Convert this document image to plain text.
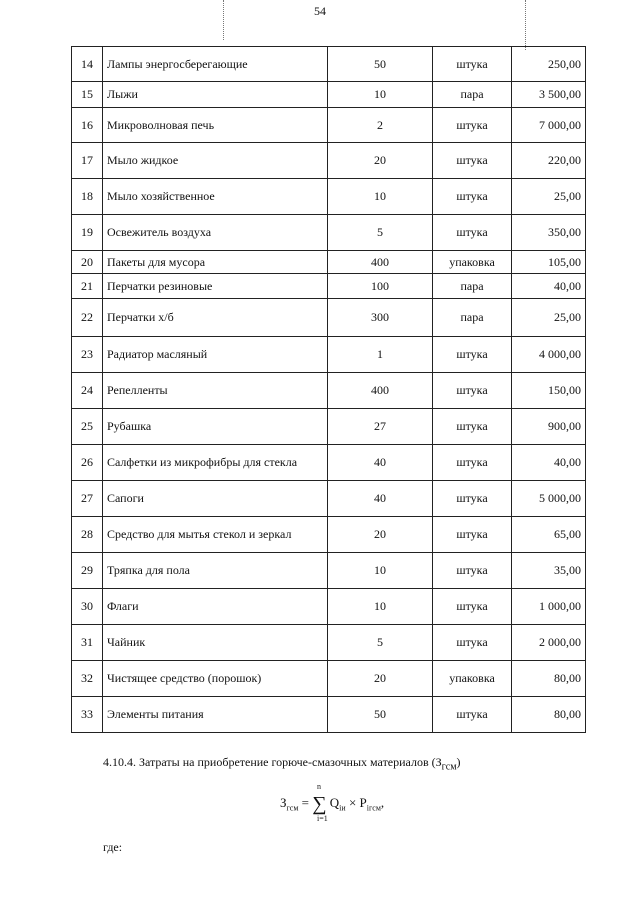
54
14	Лампы энергосберегающие	50	штука	250,00
15	Лыжи	10	пара	3 500,00
16	Микроволновая печь	2	штука	7 000,00
17	Мыло жидкое	20	штука	220,00
18	Мыло хозяйственное	10	штука	25,00
19	Освежитель воздуха	5	штука	350,00
20	Пакеты для мусора	400	упаковка	105,00
21	Перчатки резиновые	100	пара	40,00
22	Перчатки х/б	300	пара	25,00
23	Радиатор масляный	1	штука	4 000,00
24	Репелленты	400	штука	150,00
25	Рубашка	27	штука	900,00
26	Салфетки из микрофибры для стекла	40	штука	40,00
27	Сапоги	40	штука	5 000,00
28	Средство для мытья стекол и зеркал	20	штука	65,00
29	Тряпка для пола	10	штука	35,00
30	Флаги	10	штука	1 000,00
31	Чайник	5	штука	2 000,00
32	Чистящее средство (порошок)	20	упаковка	80,00
33	Элементы питания	50	штука	80,00
4.10.4. Затраты на приобретение горюче-смазочных материалов $(З_{гсм})$
$З_{гсм}$ = ∑
n
i=1
$Q_{iи} \times P_{iгсм}$,
где:
